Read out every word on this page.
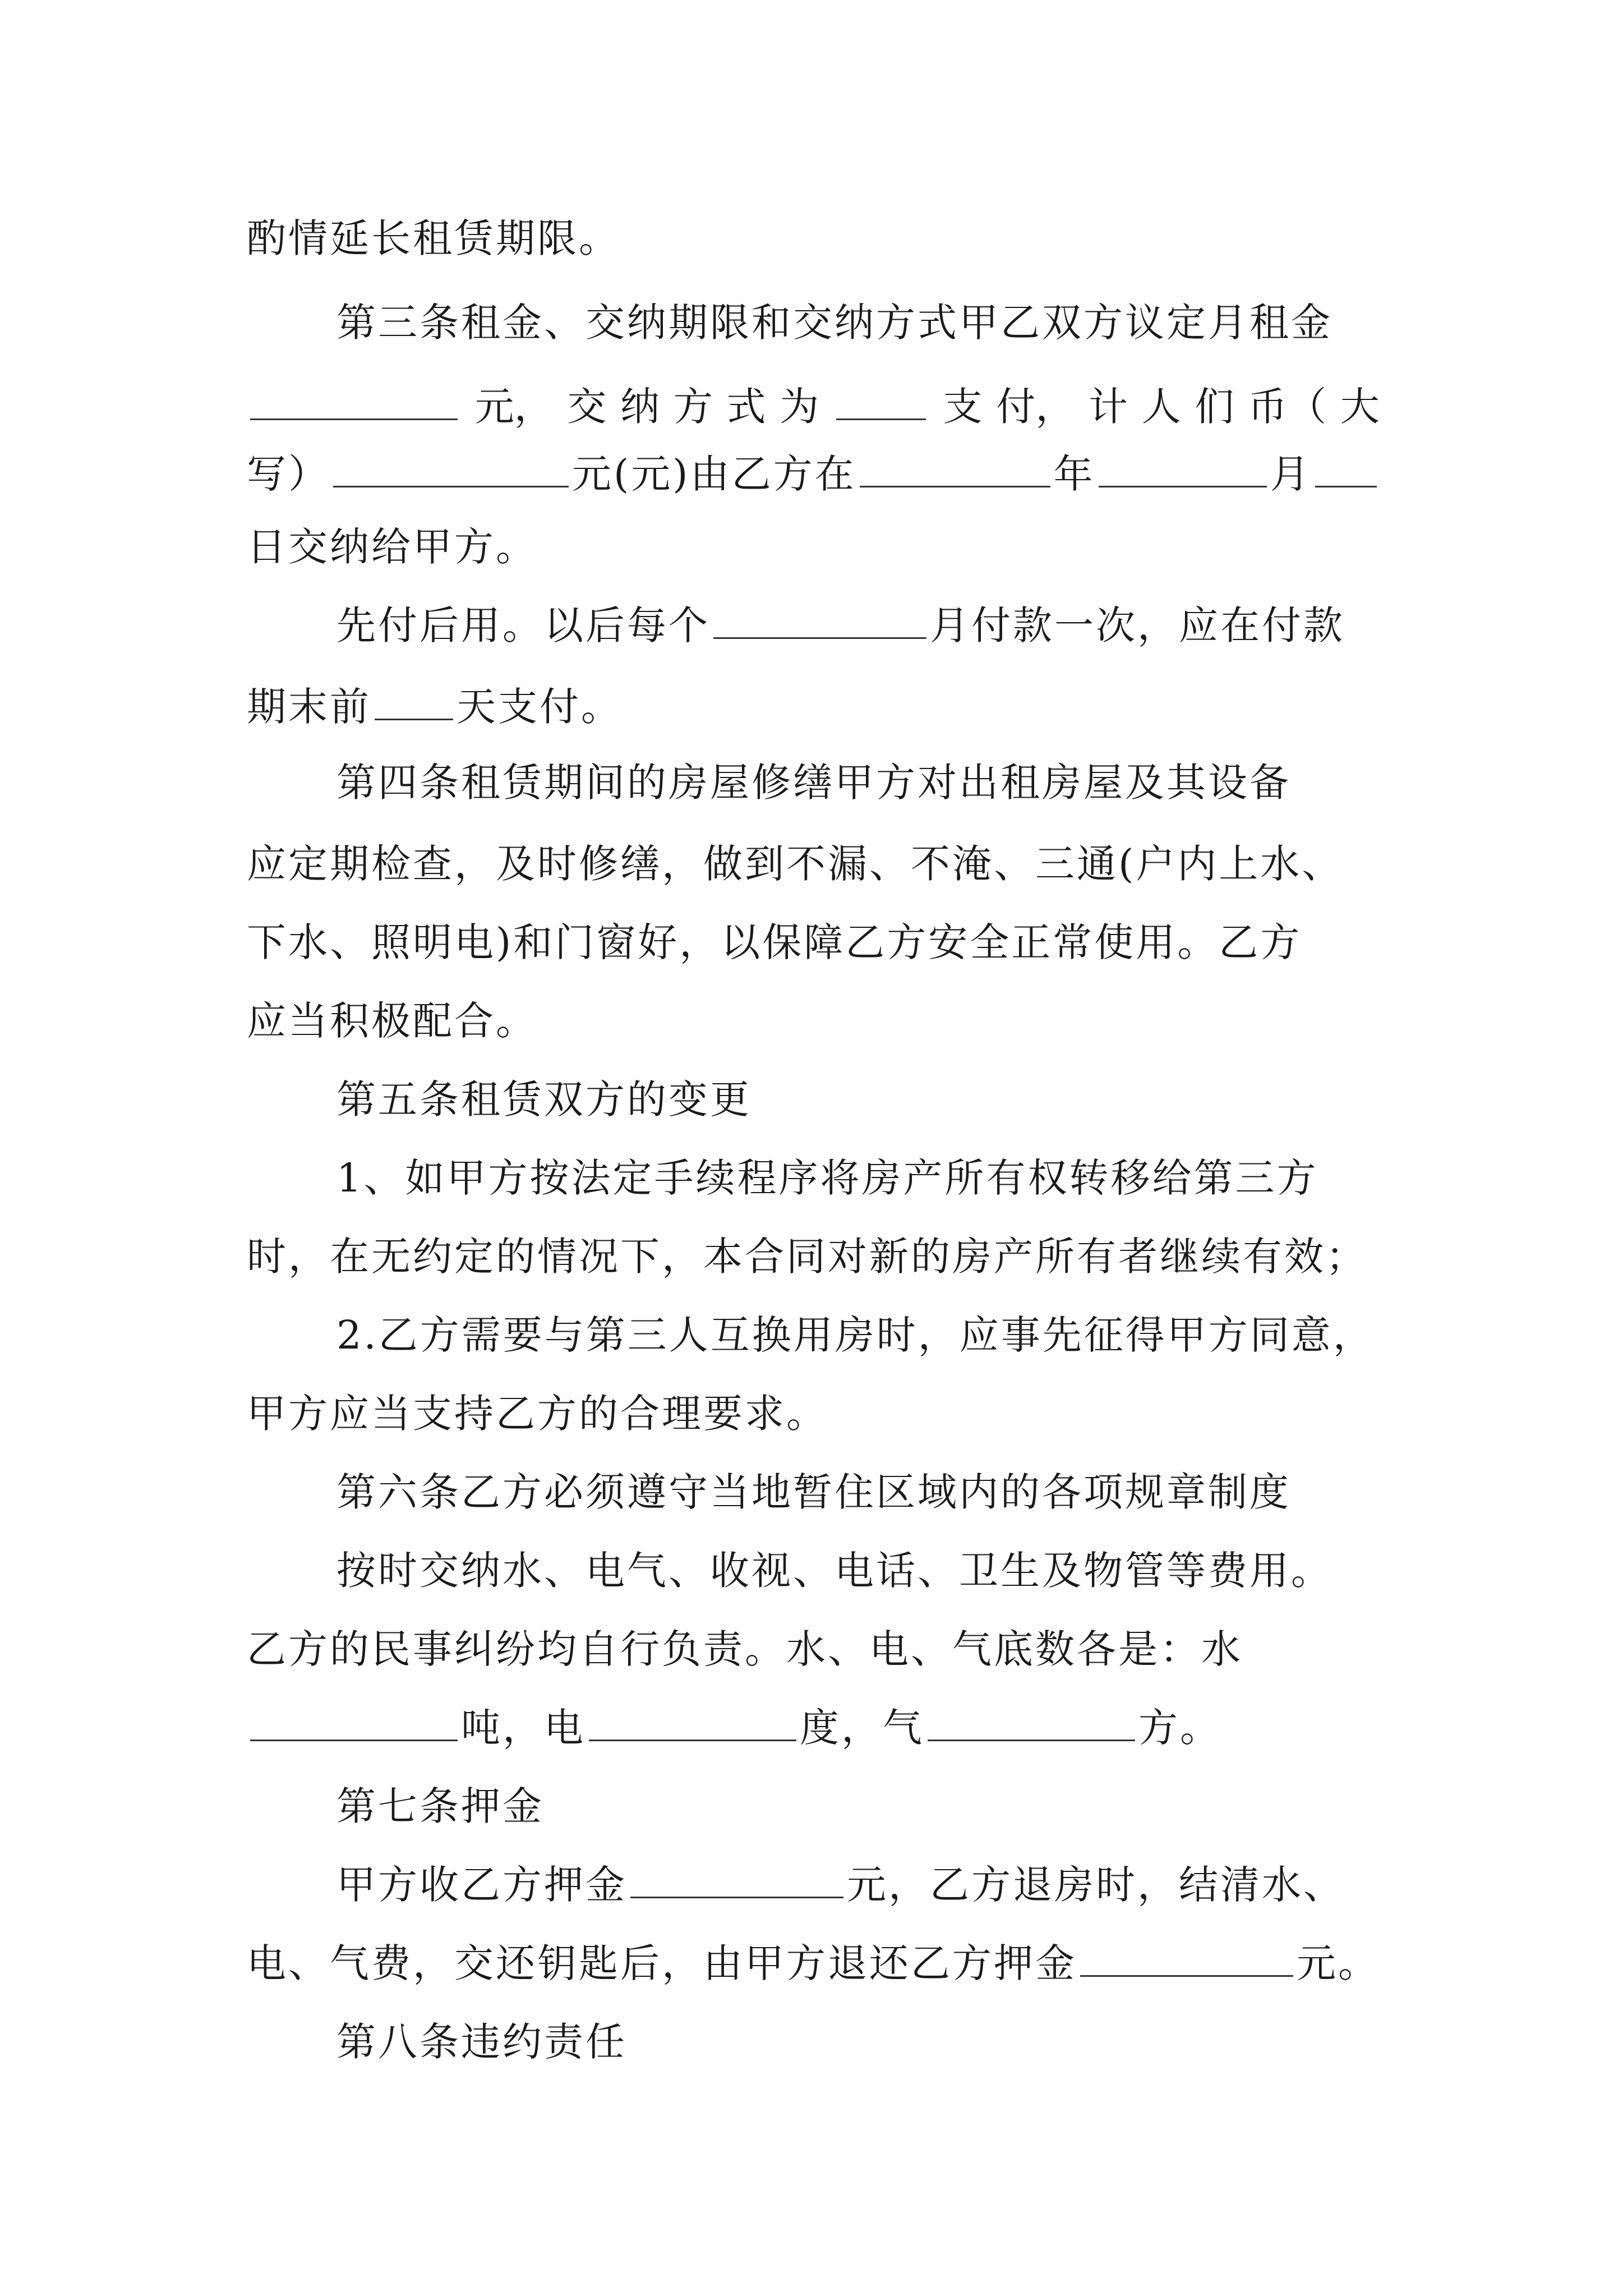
酌情延长租赁期限。
第三条租金、交纳期限和交纳方式甲乙双方议定月租金
元， 交 纳 方 式 为	支 付， 计 人 们 币（ 大
写）	元(元)由乙方在	年	月
日交纳给甲方。
先付后用。以后每个	月付款一次，应在付款
期末前 天支付。
第四条租赁期间的房屋修缮甲方对出租房屋及其设备
应定期检查，及时修缮，做到不漏、不淹、三通(户内上水、
下水、照明电)和门窗好，以保障乙方安全正常使用。乙方
应当积极配合。
第五条租赁双方的变更
1、如甲方按法定手续程序将房产所有权转移给第三方
时，在无约定的情况下，本合同对新的房产所有者继续有效；
2.乙方需要与第三人互换用房时，应事先征得甲方同意，
甲方应当支持乙方的合理要求。
第六条乙方必须遵守当地暂住区域内的各项规章制度
按时交纳水、电气、收视、电话、卫生及物管等费用。
乙方的民事纠纷均自行负责。水、电、气底数各是：水
吨，电	度，气	方。
第七条押金
甲方收乙方押金	元，乙方退房时，结清水、
电、气费，交还钥匙后，由甲方退还乙方押金	元。
第八条违约责任
